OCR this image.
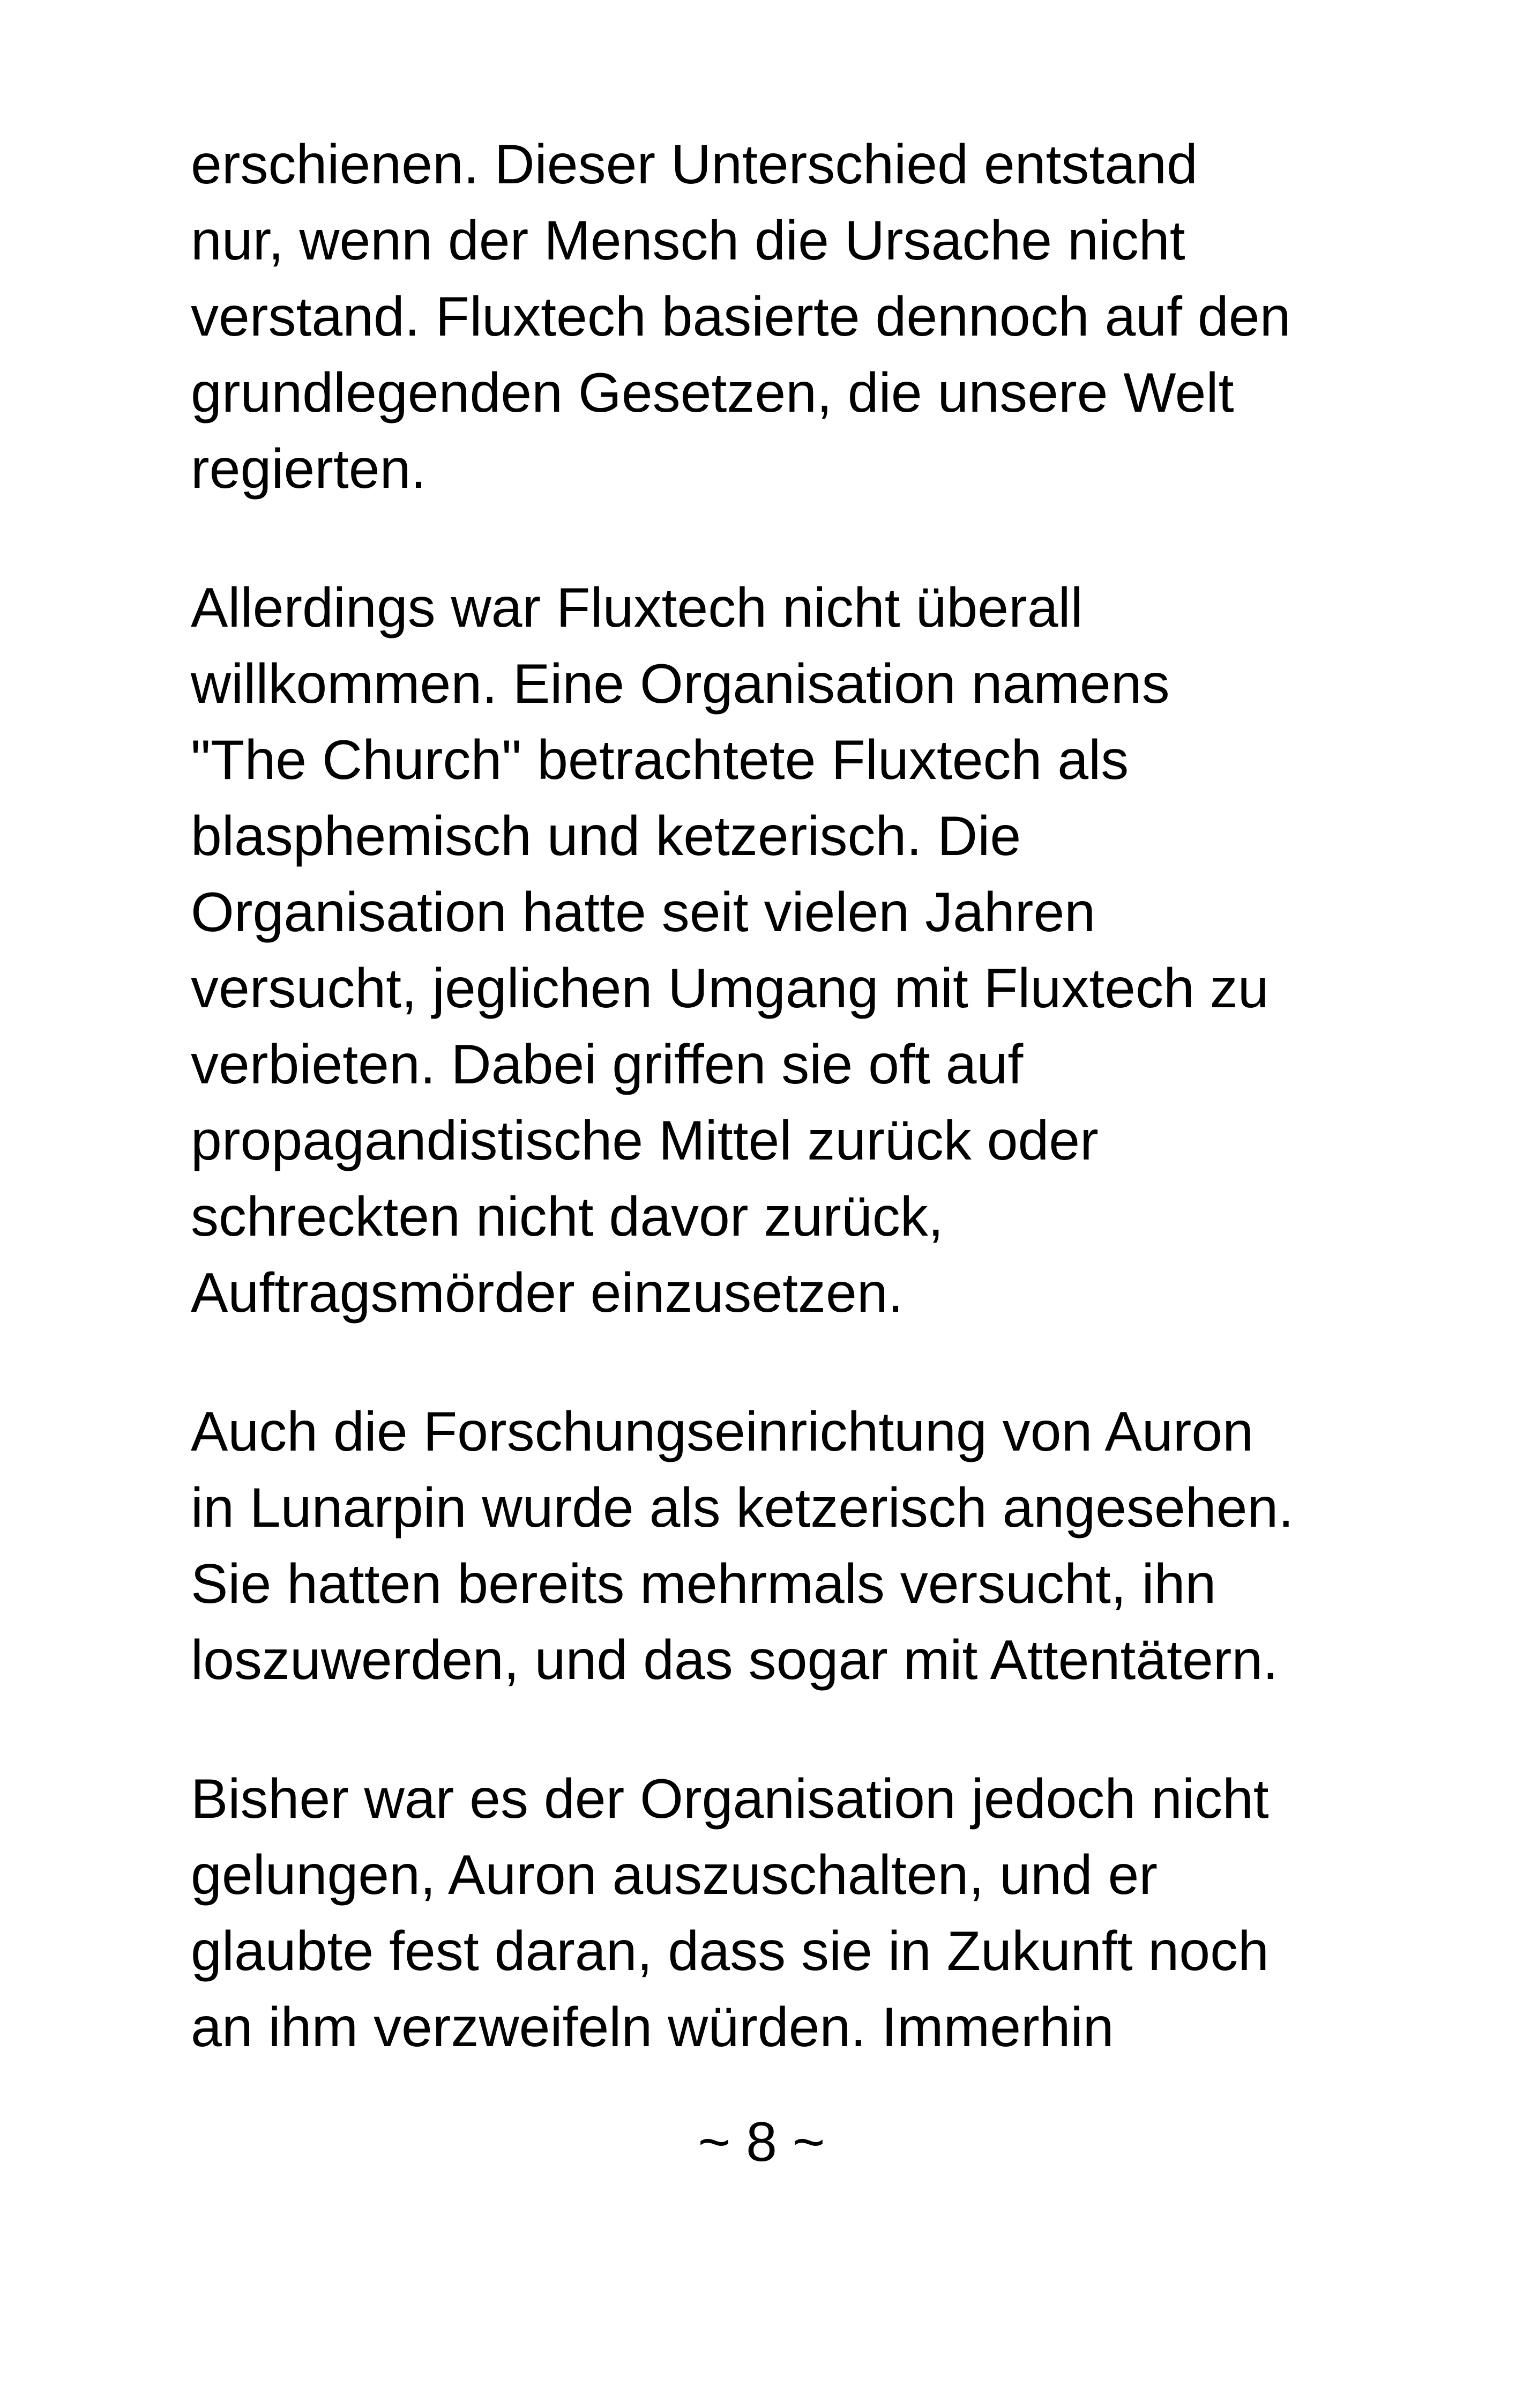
erschienen. Dieser Unterschied entstand
nur, wenn der Mensch die Ursache nicht
verstand. Fluxtech basierte dennoch auf den
grundlegenden Gesetzen, die unsere Welt
regierten.

Allerdings war Fluxtech nicht überall
willkommen. Eine Organisation namens
"The Church" betrachtete Fluxtech als
blasphemisch und ketzerisch. Die
Organisation hatte seit vielen Jahren
versucht, jeglichen Umgang mit Fluxtech zu
verbieten. Dabei griffen sie oft auf
propagandistische Mittel zurück oder
schreckten nicht davor zurück,
Auftragsmörder einzusetzen.

Auch die Forschungseinrichtung von Auron
in Lunarpin wurde als ketzerisch angesehen.
Sie hatten bereits mehrmals versucht, ihn
loszuwerden, und das sogar mit Attentätern.

Bisher war es der Organisation jedoch nicht
gelungen, Auron auszuschalten, und er
glaubte fest daran, dass sie in Zukunft noch
an ihm verzweifeln würden. Immerhin

~ 8 ~
